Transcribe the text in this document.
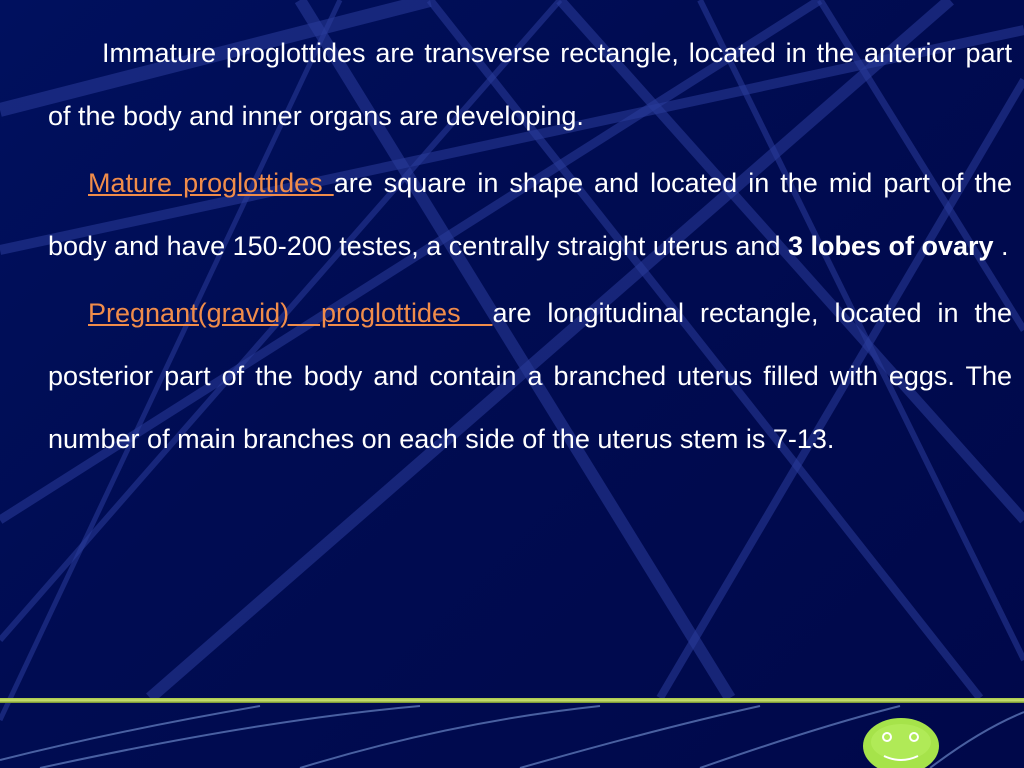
Immature proglottides are transverse rectangle, located in the anterior part of the body and inner organs are developing.

Mature proglottides are square in shape and located in the mid part of the body and have 150-200 testes, a centrally straight uterus and 3 lobes of ovary .

Pregnant(gravid)  proglottides  are longitudinal rectangle, located in the posterior part of the body and contain a branched uterus filled with eggs. The number of main branches on each side of the uterus stem is 7-13.
